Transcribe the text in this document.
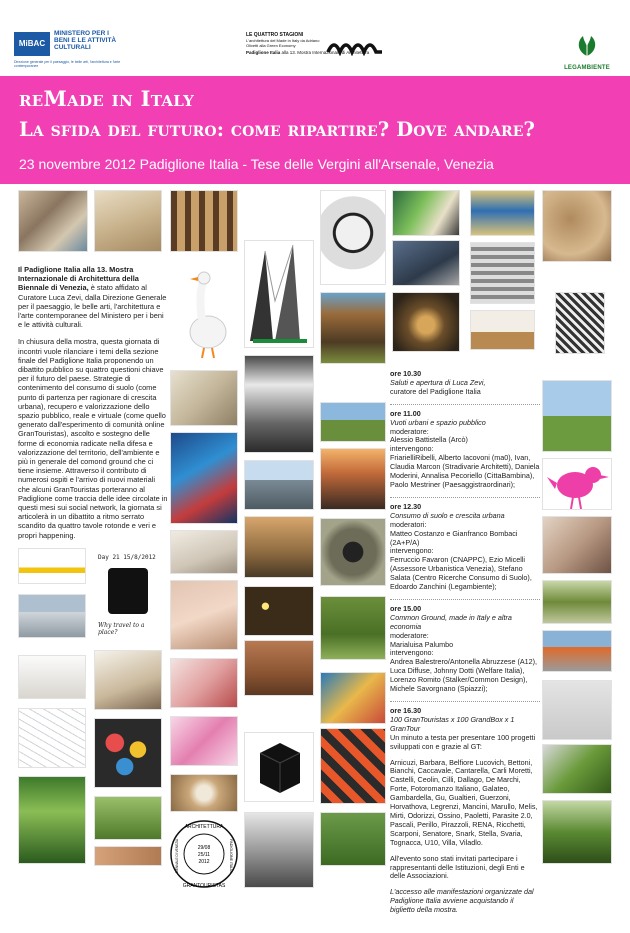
MiBAC
MINISTERO PER I BENI E LE ATTIVITÀ CULTURALI
Direzione generale per il paesaggio, le belle arti, l'architettura e l'arte contemporanee
LE QUATTRO STAGIONI
L'architettura del Made in Italy da Adriano Olivetti alla Green Economy
Padiglione Italia alla 13. Mostra Internazionale di Architettura
LEGAMBIENTE
reMade in Italy
La sfida del futuro: come ripartire? Dove andare?
23 novembre 2012 Padiglione Italia - Tese delle Vergini all'Arsenale, Venezia
Day 21 15/8/2012
Why travel to a place?
ARCHITETTURA
GRANTOURISTAS
BIENNALE DI VENEZIA	PADIGLIONE ITALIA
29/08
25/11
2012

Il Padiglione Italia alla 13. Mostra Internazionale di Architettura della Biennale di Venezia, è stato affidato al Curatore Luca Zevi, dalla Direzione Generale per il paesaggio, le belle arti, l'architettura e l'arte contemporanee del Ministero per i beni e le attività culturali.

In chiusura della mostra, questa giornata di incontri vuole rilanciare i temi della sezione finale del Padiglione Italia proponendo un dibattito pubblico su quattro questioni chiave per il futuro del paese. Strategie di contenimento del consumo di suolo (come punto di partenza per ragionare di crescita urbana), recupero e valorizzazione dello spazio pubblico, reale e virtuale (come quello generato dall'esperimento di comunità online GranTouristas), ascolto e sostegno delle forme di economia radicate nella difesa e valorizzazione del territorio, dell'ambiente e più in generale del comond ground che ci tiene insieme. Attraverso il contributo di numerosi ospiti e l'arrivo di nuovi materiali che alcuni GranTouristas porteranno al Padiglione come traccia delle idee circolate in questi mesi sui social network, la giornata si articolerà in un dibattito a ritmo serrato scandito da quattro tavole rotonde e veri e propri happening.

ore 10.30
Saluti e apertura di Luca Zevi,
curatore del Padiglione Italia
ore 11.00
Vuoti urbani e spazio pubblico
moderatore:
Alessio Battistella (Arcò)
intervengono:
FriarielliRibelli, Alberto Iacovoni (ma0), Ivan, Claudia Marcon (Stradivarie Architetti), Daniela Moderini, Annalisa Pecoriello (CittaBambina), Paolo Mestriner (Paesaggistraordinari);
ore 12.30
Consumo di suolo e crescita urbana
moderatori:
Matteo Costanzo e Gianfranco Bombaci (2A+P/A)
intervengono:
Ferruccio Favaron (CNAPPC), Ezio Micelli (Assessore Urbanistica Venezia), Stefano Salata (Centro Ricerche Consumo di Suolo), Edoardo Zanchini (Legambiente);
ore 15.00
Common Ground, made in Italy e altra economia
moderatore:
Marialuisa Palumbo
intervengono:
Andrea Balestrero/Antonella Abruzzese (A12), Luca Diffuse, Johnny Dotti (Welfare Italia), Lorenzo Romito (Stalker/Common Design), Michele Savorgnano (Spiazzi);
ore 16.30
100 GranTouristas x 100 GrandBox x 1 GranTour
Un minuto a testa per presentare 100 progetti sviluppati con e grazie al GT:
Arnicuzi, Barbara, Belfiore Lucovich, Bettoni, Bianchi, Caccavale, Cantarella, Carli Moretti, Castelli, Ceolin, Cilli, Dallago, De Marchi, Forte, Fotoromanzo Italiano, Galateo, Gambardella, Gu, Gualtieri, Guerzoni, Horvathova, Legrenzi, Mancini, Marullo, Melis, Mirti, Odorizzi, Ossino, Paoletti, Parasite 2.0, Pascali, Perillo, Pirazzoli, RENA, Ricchetti, Scarponi, Senatore, Snark, Stella, Svaria, Tognacca, U10, Villa, Viladlo.
All'evento sono stati invitati partecipare i rappresentanti delle Istituzioni, degli Enti e delle Associazioni.
L'accesso alle manifestazioni organizzate dal Padiglione Italia avviene acquistando il biglietto della mostra.
